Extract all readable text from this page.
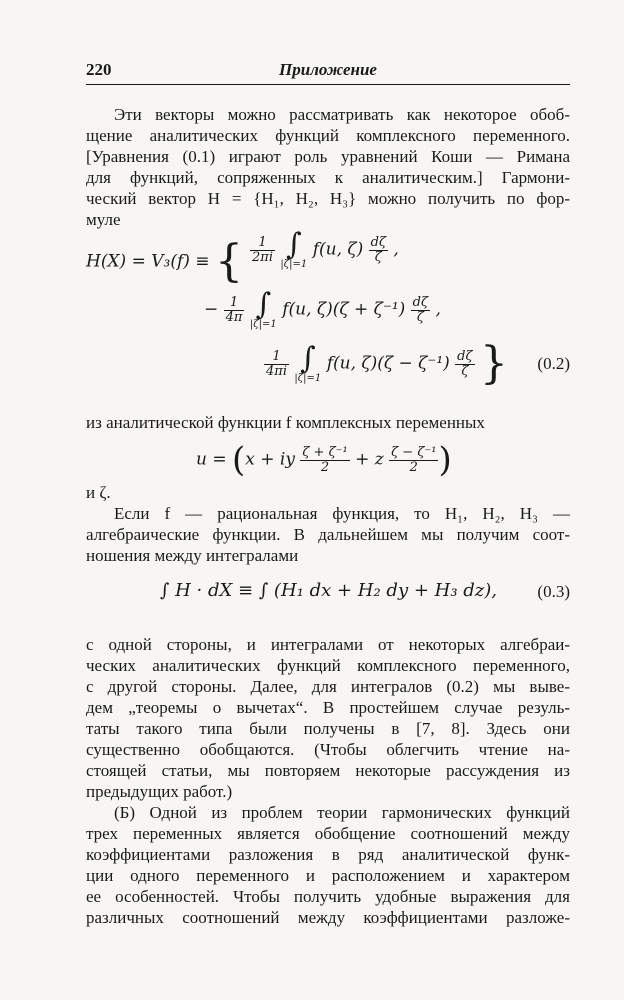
220	Приложение
Эти векторы можно рассматривать как некоторое обоб-
щение аналитических функций комплексного переменного.
[Уравнения (0.1) играют роль уравнений Коши — Римана
для функций, сопряженных к аналитическим.] Гармони-
ческий вектор H = {H₁, H₂, H₃} можно получить по фор-
муле
H(X) = V₃(f) ≡ { $\frac{1}{2\pi i}$
∫
|ζ|=1
f(u, $\zeta) \frac{d\zeta}{\zeta}$ ,
− $\frac{1}{4\pi}$
∫
|ζ|=1
f(u, $\zeta)(\zeta + \zeta^{-1}) \frac{d\zeta}{\zeta}$ ,
$\frac{1}{4\pi i}$
∫
|ζ|=1
f(u, $\zeta)(\zeta - \zeta^{-1}) \frac{d\zeta}{\zeta}$ } (0.2)
из аналитической функции f комплексных переменных
u = (x + iy $\frac{\text{ζ + ζ⁻¹}}{2} + z \frac{\text{ζ − ζ⁻¹}}{2}$ )
и ζ.
Если f — рациональная функция, то H₁, H₂, H₃ —
алгебраические функции. В дальнейшем мы получим соот-
ношения между интегралами
∫ H · dX ≡ ∫ (H₁ dx + H₂ dy + H₃ dz), (0.3)
с одной стороны, и интегралами от некоторых алгебраи-
ческих аналитических функций комплексного переменного,
с другой стороны. Далее, для интегралов (0.2) мы выве-
дем „теоремы о вычетах“. В простейшем случае резуль-
таты такого типа были получены в [7, 8]. Здесь они
существенно обобщаются. (Чтобы облегчить чтение на-
стоящей статьи, мы повторяем некоторые рассуждения из
предыдущих работ.)
(Б) Одной из проблем теории гармонических функций
трех переменных является обобщение соотношений между
коэффициентами разложения в ряд аналитической функ-
ции одного переменного и расположением и характером
ее особенностей. Чтобы получить удобные выражения для
различных соотношений между коэффициентами разложе-
